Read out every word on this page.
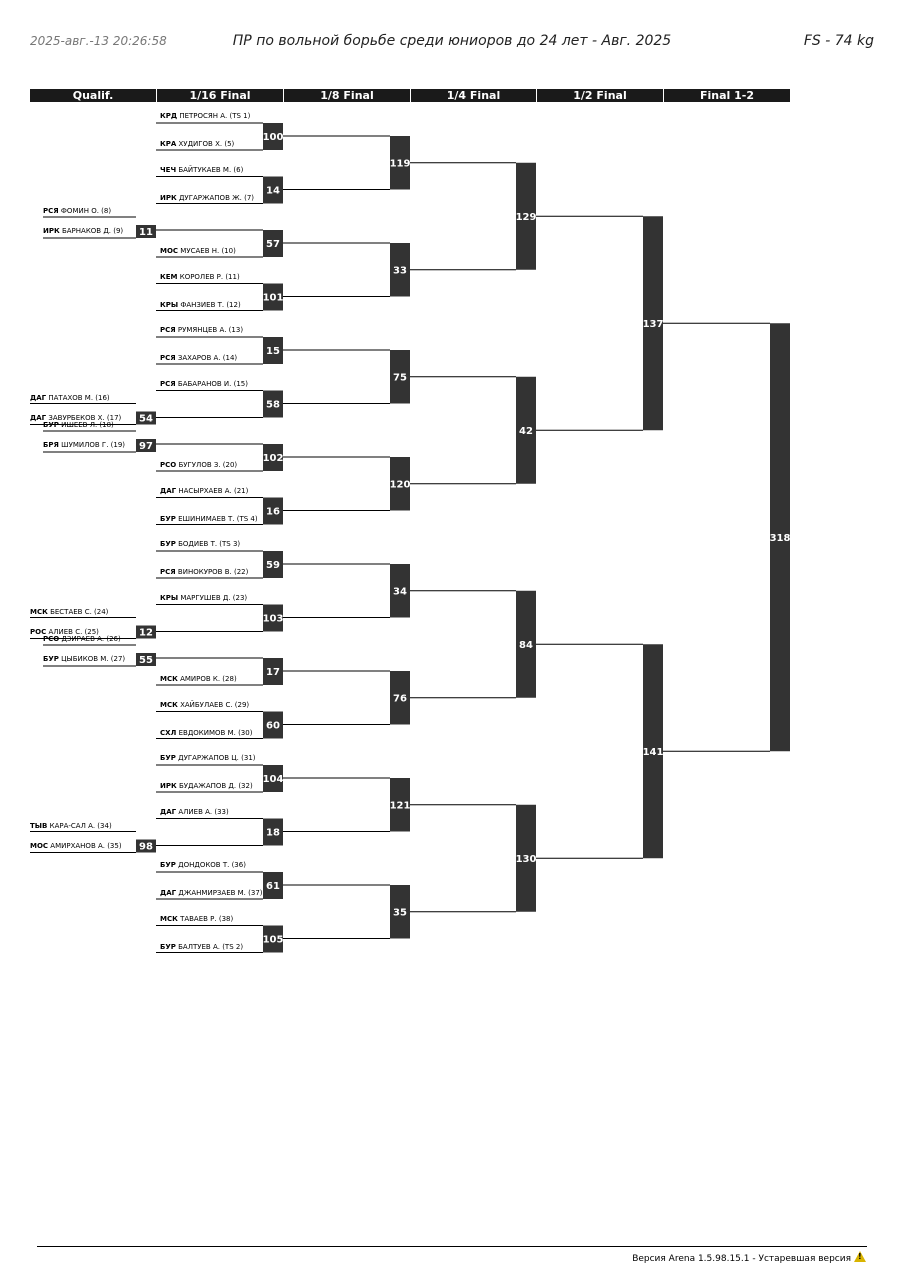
2025-авг.-13 20:26:58	ПР по вольной борьбе среди юниоров до 24 лет - Авг. 2025	FS - 74 kg
Qualif.	1/16 Final	1/8 Final	1/4 Final	1/2 Final	Final 1-2
100
14
57
101
15
58
102
16
59
103
17
60
104
18
61
105
11
54
97
12
55
98
119
33
75
120
34
76
121
35
129
42
84
130
137
141
318
КРД ПЕТРОСЯН А. (TS 1)
КРА ХУДИГОВ Х. (5)
ЧЕЧ БАЙТУКАЕВ М. (6)
ИРК ДУГАРЖАПОВ Ж. (7)
МОС МУСАЕВ Н. (10)
КЕМ КОРОЛЕВ Р. (11)
КРЫ ФАНЗИЕВ Т. (12)
РСЯ РУМЯНЦЕВ А. (13)
РСЯ ЗАХАРОВ А. (14)
РСЯ БАБАРАНОВ И. (15)
РСО БУГУЛОВ З. (20)
ДАГ НАСЫРХАЕВ А. (21)
БУР ЕШИНИМАЕВ Т. (TS 4)
БУР БОДИЕВ Т. (TS 3)
РСЯ ВИНОКУРОВ В. (22)
КРЫ МАРГУШЕВ Д. (23)
МСК АМИРОВ К. (28)
МСК ХАЙБУЛАЕВ С. (29)
СХЛ ЕВДОКИМОВ М. (30)
БУР ДУГАРЖАПОВ Ц. (31)
ИРК БУДАЖАПОВ Д. (32)
ДАГ АЛИЕВ А. (33)
БУР ДОНДОКОВ Т. (36)
ДАГ ДЖАНМИРЗАЕВ М. (37)
МСК ТАВАЕВ Р. (38)
БУР БАЛТУЕВ А. (TS 2)
РСЯ ФОМИН О. (8)
ИРК БАРНАКОВ Д. (9)
ДАГ ПАТАХОВ М. (16)
ДАГ ЗАВУРБЕКОВ Х. (17)
БУР ИШЕЕВ Л. (18)
БРЯ ШУМИЛОВ Г. (19)
МСК БЕСТАЕВ С. (24)
РОС АЛИЕВ С. (25)
РСО ДЗИРАЕВ А. (26)
БУР ЦЫБИКОВ М. (27)
ТЫВ КАРА-САЛ А. (34)
МОС АМИРХАНОВ А. (35)
Версия Arena 1.5.98.15.1 - Устаревшая версия!
